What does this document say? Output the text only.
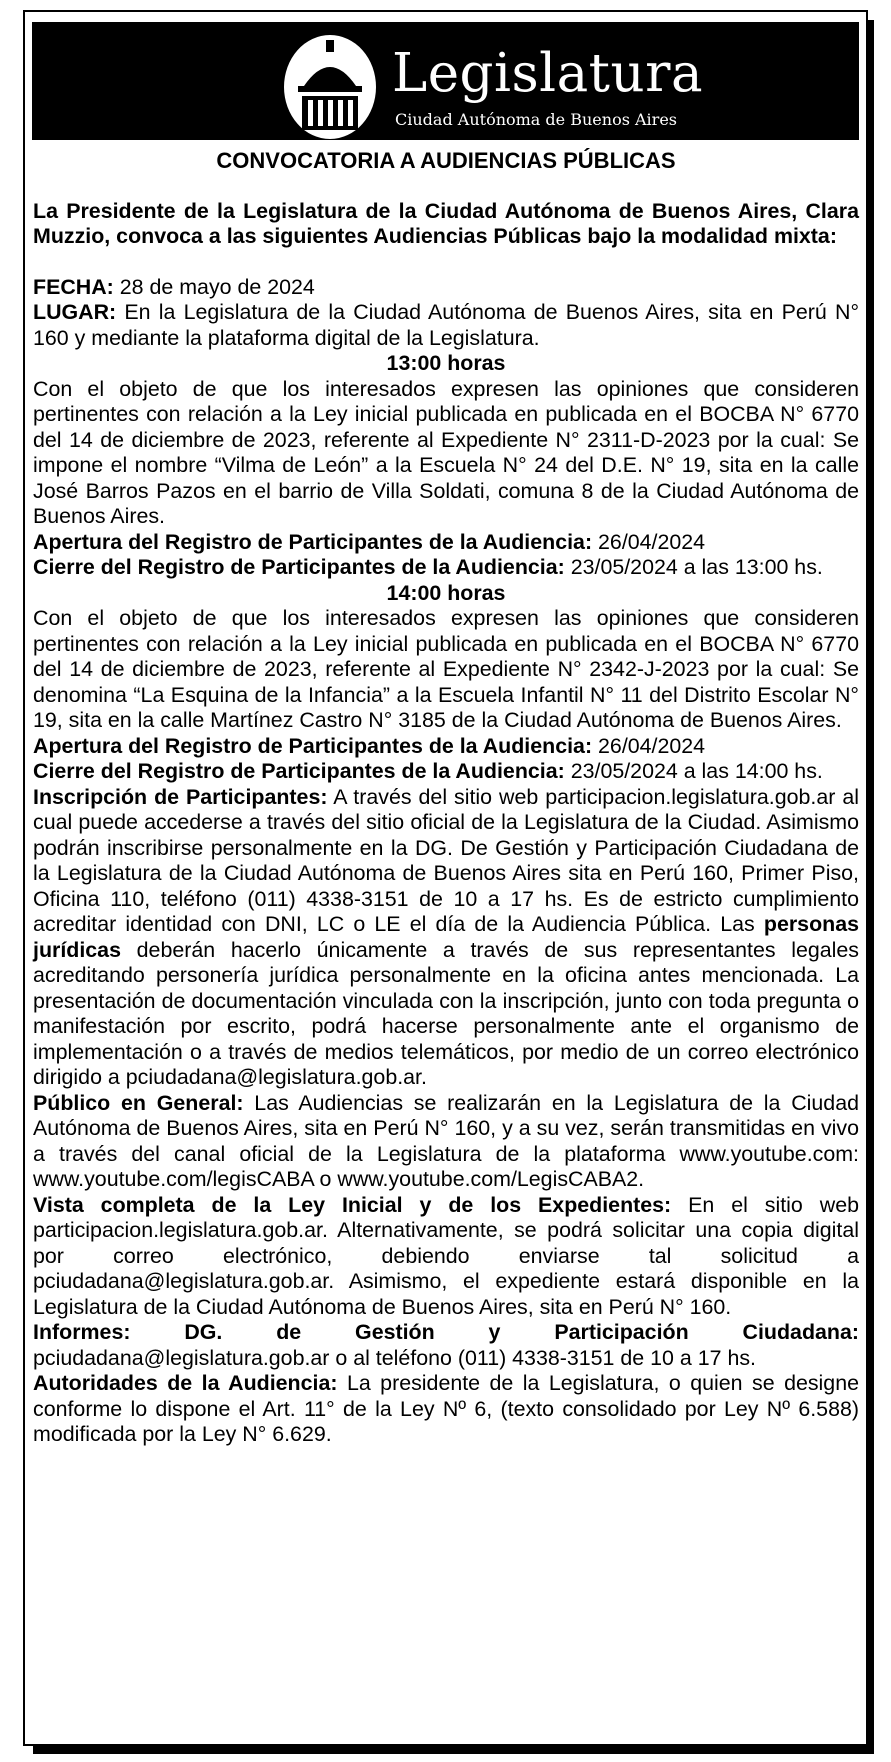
Legislatura
Ciudad Autónoma de Buenos Aires
CONVOCATORIA A AUDIENCIAS PÚBLICAS
La Presidente de la Legislatura de la Ciudad Autónoma de Buenos Aires, Clara Muzzio, convoca a las siguientes Audiencias Públicas bajo la modalidad mixta:

FECHA: 28 de mayo de 2024

LUGAR: En la Legislatura de la Ciudad Autónoma de Buenos Aires, sita en Perú N° 160 y mediante la plataforma digital de la Legislatura.

13:00 horas

Con el objeto de que los interesados expresen las opiniones que consideren pertinentes con relación a la Ley inicial publicada en publicada en el BOCBA N° 6770 del 14 de diciembre de 2023, referente al Expediente N° 2311-D-2023 por la cual: Se impone el nombre “Vilma de León” a la Escuela N° 24 del D.E. N° 19, sita en la calle José Barros Pazos en el barrio de Villa Soldati, comuna 8 de la Ciudad Autónoma de Buenos Aires.

Apertura del Registro de Participantes de la Audiencia: 26/04/2024

Cierre del Registro de Participantes de la Audiencia: 23/05/2024 a las 13:00 hs.

14:00 horas

Con el objeto de que los interesados expresen las opiniones que consideren pertinentes con relación a la Ley inicial publicada en publicada en el BOCBA N° 6770 del 14 de diciembre de 2023, referente al Expediente N° 2342-J-2023 por la cual: Se denomina “La Esquina de la Infancia” a la Escuela Infantil N° 11 del Distrito Escolar N° 19, sita en la calle Martínez Castro N° 3185 de la Ciudad Autónoma de Buenos Aires.

Apertura del Registro de Participantes de la Audiencia: 26/04/2024

Cierre del Registro de Participantes de la Audiencia: 23/05/2024 a las 14:00 hs.

Inscripción de Participantes: A través del sitio web participacion.legislatura.gob.ar al cual puede accederse a través del sitio oficial de la Legislatura de la Ciudad. Asimismo podrán inscribirse personalmente en la DG. De Gestión y Participación Ciudadana de la Legislatura de la Ciudad Autónoma de Buenos Aires sita en Perú 160, Primer Piso, Oficina 110, teléfono (011) 4338-3151 de 10 a 17 hs. Es de estricto cumplimiento acreditar identidad con DNI, LC o LE el día de la Audiencia Pública. Las personas jurídicas deberán hacerlo únicamente a través de sus representantes legales acreditando personería jurídica personalmente en la oficina antes mencionada. La presentación de documentación vinculada con la inscripción, junto con toda pregunta o manifestación por escrito, podrá hacerse personalmente ante el organismo de implementación o a través de medios telemáticos, por medio de un correo electrónico dirigido a pciudadana@legislatura.gob.ar.

Público en General: Las Audiencias se realizarán en la Legislatura de la Ciudad Autónoma de Buenos Aires, sita en Perú N° 160, y a su vez, serán transmitidas en vivo a través del canal oficial de la Legislatura de la plataforma www.youtube.com: www.youtube.com/legisCABA o www.youtube.com/LegisCABA2.

Vista completa de la Ley Inicial y de los Expedientes: En el sitio web participacion.legislatura.gob.ar. Alternativamente, se podrá solicitar una copia digital por correo electrónico, debiendo enviarse tal solicitud a pciudadana@legislatura.gob.ar. Asimismo, el expediente estará disponible en la Legislatura de la Ciudad Autónoma de Buenos Aires, sita en Perú N° 160.

Informes: DG. de Gestión y Participación Ciudadana: pciudadana@legislatura.gob.ar o al teléfono (011) 4338-3151 de 10 a 17 hs.

Autoridades de la Audiencia: La presidente de la Legislatura, o quien se designe conforme lo dispone el Art. 11° de la Ley Nº 6, (texto consolidado por Ley Nº 6.588) modificada por la Ley N° 6.629.
